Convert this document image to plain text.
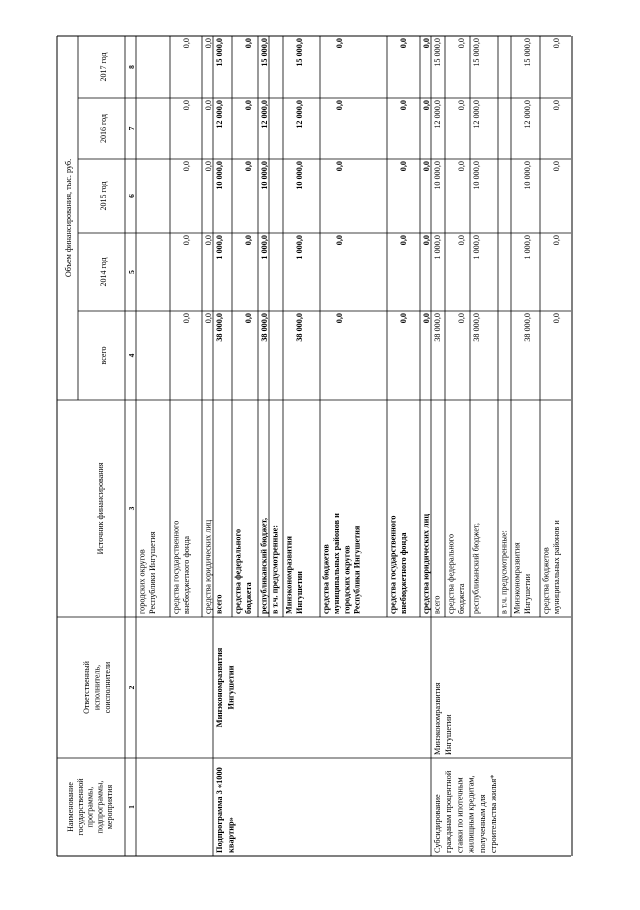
Наименование государственной программы, подпрограммы, мероприятия
Ответственный исполнитель, соисполнители
Источник финансирования
Объем финансирования, тыс. руб.
всего
2014 год
2015 год
2016 год
2017 год
1
2
3
4
5
6
7
8
городских округов Республики Ингушетия средства государственного внебюджетного фонда
0,0
0,0
0,0
0,0
0,0
средства юридических лиц
0,0
0,0
0,0
0,0
0,0
всего
38 000,0
1 000,0
10 000,0
12 000,0
15 000,0
средства федерального бюджета
0,0
0,0
0,0
0,0
0,0
республиканский бюджет,
38 000,0
1 000,0
10 000,0
12 000,0
15 000,0
в т.ч. предусмотренные: Минэкономразвития Ингушетии
38 000,0
1 000,0
10 000,0
12 000,0
15 000,0
средства бюджетов муниципальных районов и городских округов Республики Ингушетия
0,0
0,0
0,0
0,0
0,0
средства государственного внебюджетного фонда
0,0
0,0
0,0
0,0
0,0
средства юридических лиц
0,0
0,0
0,0
0,0
0,0
всего
38 000,0
1 000,0
10 000,0
12 000,0
15 000,0
средства федерального бюджета
0,0
0,0
0,0
0,0
0,0
республиканский бюджет,
38 000,0
1 000,0
10 000,0
12 000,0
15 000,0
в т.ч. предусмотренные: Минэкономразвития Ингушетии
38 000,0
1 000,0
10 000,0
12 000,0
15 000,0
средства бюджетов муниципальных районов и
0,0
0,0
0,0
0,0
0,0
Подпрограмма 3 «1000 квартир»
Минэкономразвития Ингушетии
Субсидирование гражданам процентной ставки по ипотечным жилищным кредитам, полученным для строительства жилья*
Минэкономразвития Ингушетии
